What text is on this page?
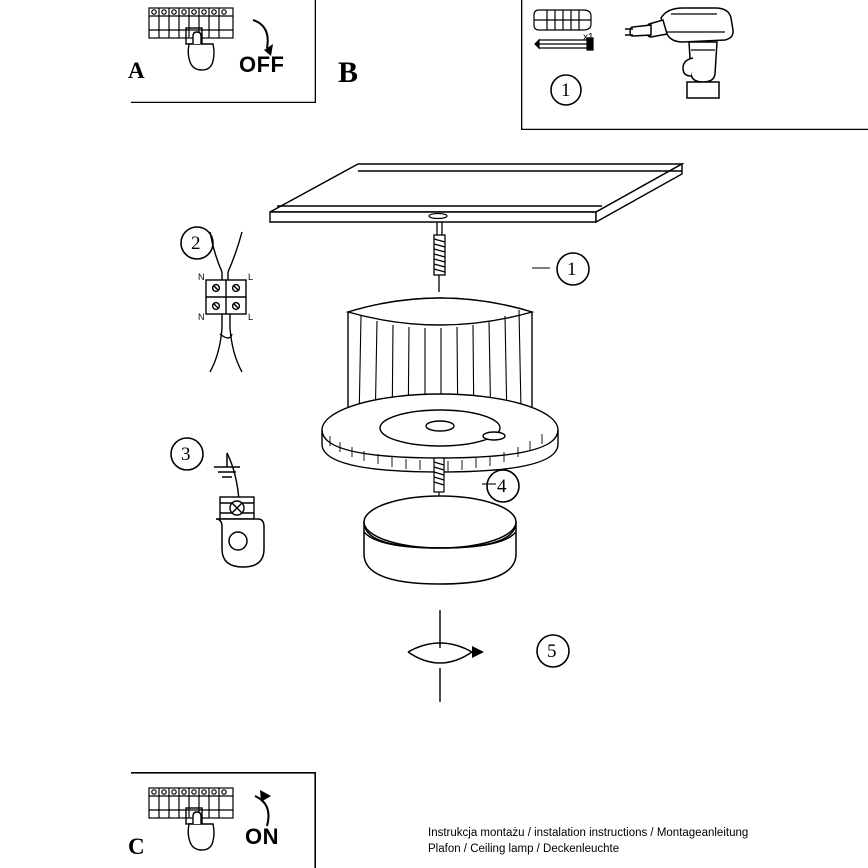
A	OFF B
x1
1
1
4
5
N	L
N	L
2
3
C	ON	Instrukcja montażu / instalation instructions / Montageanleitung
Plafon / Ceiling lamp / Deckenleuchte
